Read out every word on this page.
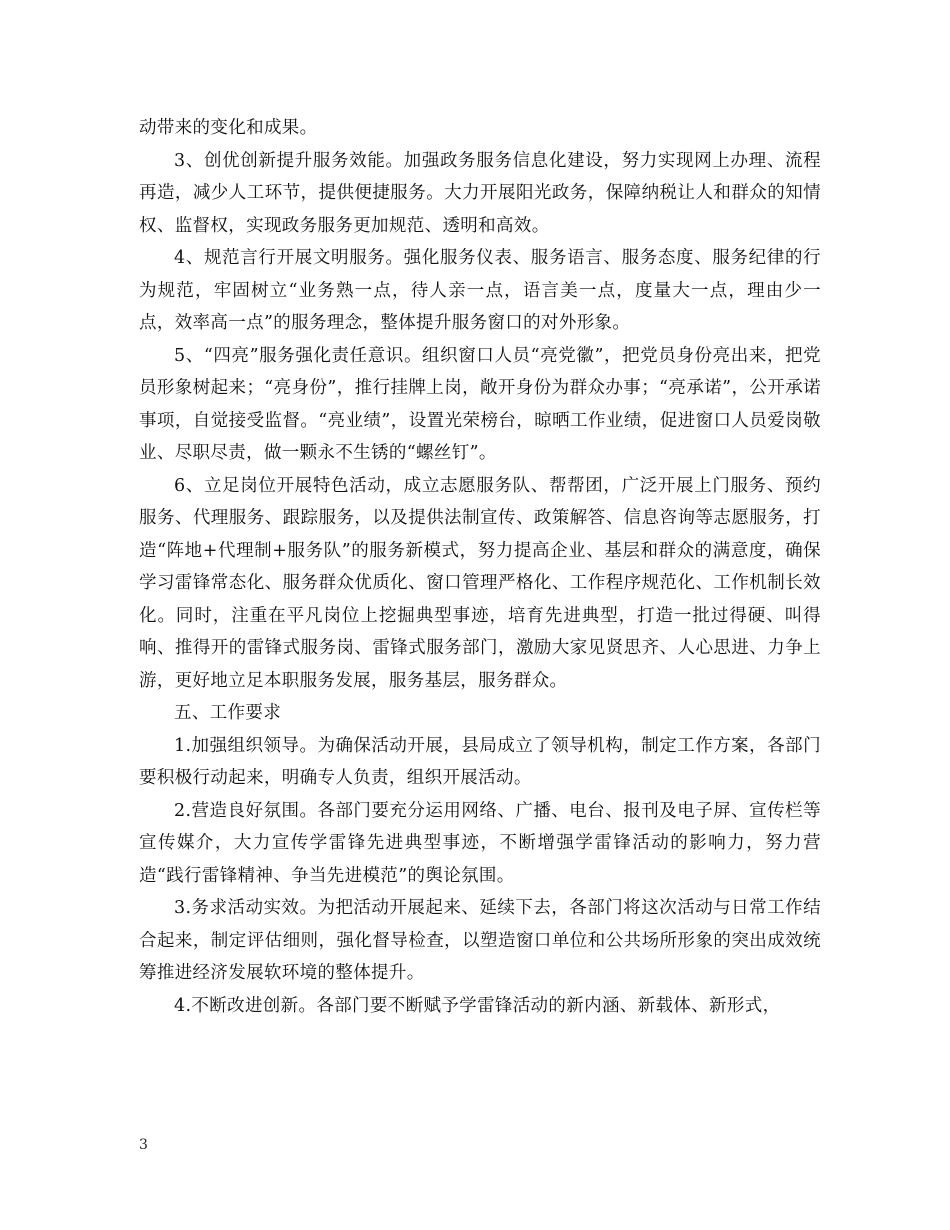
动带来的变化和成果。

3、创优创新提升服务效能。加强政务服务信息化建设，努力实现网上办理、流程再造，减少人工环节，提供便捷服务。大力开展阳光政务，保障纳税让人和群众的知情权、监督权，实现政务服务更加规范、透明和高效。

4、规范言行开展文明服务。强化服务仪表、服务语言、服务态度、服务纪律的行为规范，牢固树立“业务熟一点，待人亲一点，语言美一点，度量大一点，理由少一点，效率高一点”的服务理念，整体提升服务窗口的对外形象。

5、“四亮”服务强化责任意识。组织窗口人员“亮党徽”，把党员身份亮出来，把党员形象树起来；“亮身份”，推行挂牌上岗，敞开身份为群众办事；“亮承诺”，公开承诺事项，自觉接受监督。“亮业绩”，设置光荣榜台，晾晒工作业绩，促进窗口人员爱岗敬业、尽职尽责，做一颗永不生锈的“螺丝钉”。

6、立足岗位开展特色活动，成立志愿服务队、帮帮团，广泛开展上门服务、预约服务、代理服务、跟踪服务，以及提供法制宣传、政策解答、信息咨询等志愿服务，打造“阵地+代理制+服务队”的服务新模式，努力提高企业、基层和群众的满意度，确保学习雷锋常态化、服务群众优质化、窗口管理严格化、工作程序规范化、工作机制长效化。同时，注重在平凡岗位上挖掘典型事迹，培育先进典型，打造一批过得硬、叫得响、推得开的雷锋式服务岗、雷锋式服务部门，激励大家见贤思齐、人心思进、力争上游，更好地立足本职服务发展，服务基层，服务群众。

五、工作要求

1.加强组织领导。为确保活动开展，县局成立了领导机构，制定工作方案，各部门要积极行动起来，明确专人负责，组织开展活动。

2.营造良好氛围。各部门要充分运用网络、广播、电台、报刊及电子屏、宣传栏等宣传媒介，大力宣传学雷锋先进典型事迹，不断增强学雷锋活动的影响力，努力营造“践行雷锋精神、争当先进模范”的舆论氛围。

3.务求活动实效。为把活动开展起来、延续下去，各部门将这次活动与日常工作结合起来，制定评估细则，强化督导检查，以塑造窗口单位和公共场所形象的突出成效统筹推进经济发展软环境的整体提升。

4.不断改进创新。各部门要不断赋予学雷锋活动的新内涵、新载体、新形式，

3
